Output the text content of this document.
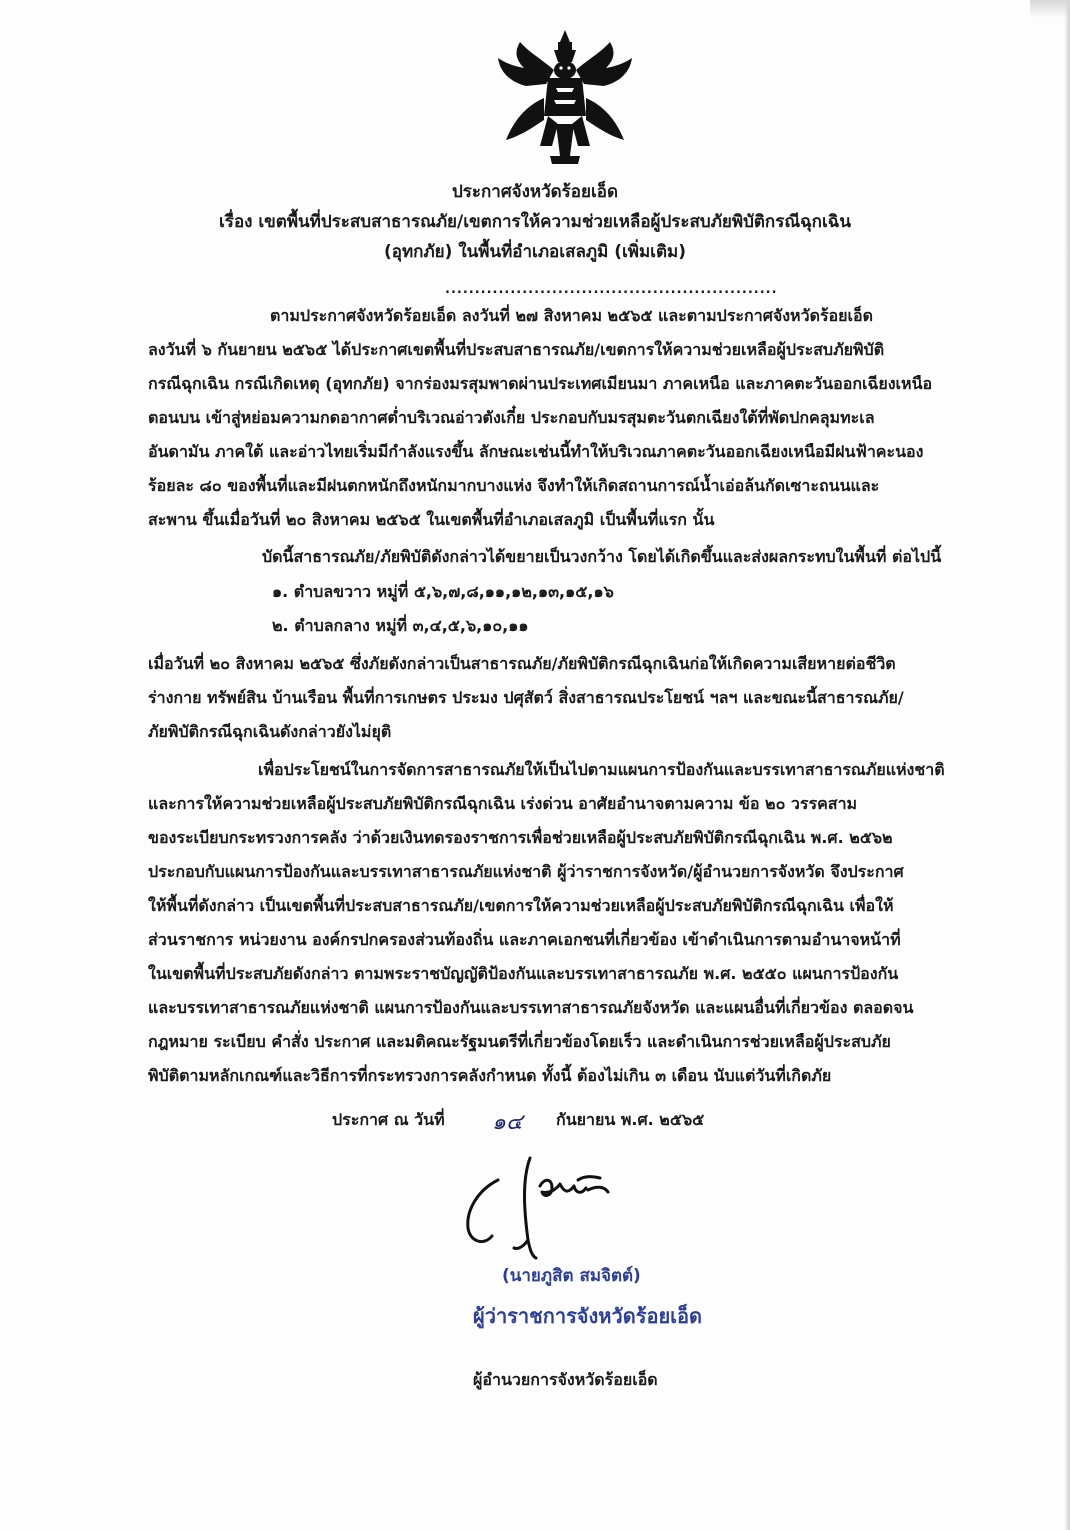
ประกาศจังหวัดร้อยเอ็ด
เรื่อง เขตพื้นที่ประสบสาธารณภัย/เขตการให้ความช่วยเหลือผู้ประสบภัยพิบัติกรณีฉุกเฉิน
(อุทกภัย) ในพื้นที่อำเภอเสลภูมิ (เพิ่มเติม)
........................................................
ตามประกาศจังหวัดร้อยเอ็ด ลงวันที่ ๒๗ สิงหาคม ๒๕๖๕ และตามประกาศจังหวัดร้อยเอ็ด
ลงวันที่ ๖ กันยายน ๒๕๖๕ ได้ประกาศเขตพื้นที่ประสบสาธารณภัย/เขตการให้ความช่วยเหลือผู้ประสบภัยพิบัติ
กรณีฉุกเฉิน กรณีเกิดเหตุ (อุทกภัย) จากร่องมรสุมพาดผ่านประเทศเมียนมา ภาคเหนือ และภาคตะวันออกเฉียงเหนือ
ตอนบน เข้าสู่หย่อมความกดอากาศต่ำบริเวณอ่าวตังเกี๋ย ประกอบกับมรสุมตะวันตกเฉียงใต้ที่พัดปกคลุมทะเล
อันดามัน ภาคใต้ และอ่าวไทยเริ่มมีกำลังแรงขึ้น ลักษณะเช่นนี้ทำให้บริเวณภาคตะวันออกเฉียงเหนือมีฝนฟ้าคะนอง
ร้อยละ ๘๐ ของพื้นที่และมีฝนตกหนักถึงหนักมากบางแห่ง จึงทำให้เกิดสถานการณ์น้ำเอ่อล้นกัดเซาะถนนและ
สะพาน ขึ้นเมื่อวันที่ ๒๐ สิงหาคม ๒๕๖๕ ในเขตพื้นที่อำเภอเสลภูมิ เป็นพื้นที่แรก นั้น
บัดนี้สาธารณภัย/ภัยพิบัติดังกล่าวได้ขยายเป็นวงกว้าง โดยได้เกิดขึ้นและส่งผลกระทบในพื้นที่ ต่อไปนี้
๑. ตำบลขวาว หมู่ที่ ๕,๖,๗,๘,๑๑,๑๒,๑๓,๑๕,๑๖
๒. ตำบลกลาง หมู่ที่ ๓,๔,๕,๖,๑๐,๑๑
เมื่อวันที่ ๒๐ สิงหาคม ๒๕๖๕ ซึ่งภัยดังกล่าวเป็นสาธารณภัย/ภัยพิบัติกรณีฉุกเฉินก่อให้เกิดความเสียหายต่อชีวิต
ร่างกาย ทรัพย์สิน บ้านเรือน พื้นที่การเกษตร ประมง ปศุสัตว์ สิ่งสาธารณประโยชน์ ฯลฯ และขณะนี้สาธารณภัย/
ภัยพิบัติกรณีฉุกเฉินดังกล่าวยังไม่ยุติ
เพื่อประโยชน์ในการจัดการสาธารณภัยให้เป็นไปตามแผนการป้องกันและบรรเทาสาธารณภัยแห่งชาติ
และการให้ความช่วยเหลือผู้ประสบภัยพิบัติกรณีฉุกเฉิน เร่งด่วน อาศัยอำนาจตามความ ข้อ ๒๐ วรรคสาม
ของระเบียบกระทรวงการคลัง ว่าด้วยเงินทดรองราชการเพื่อช่วยเหลือผู้ประสบภัยพิบัติกรณีฉุกเฉิน พ.ศ. ๒๕๖๒
ประกอบกับแผนการป้องกันและบรรเทาสาธารณภัยแห่งชาติ ผู้ว่าราชการจังหวัด/ผู้อำนวยการจังหวัด จึงประกาศ
ให้พื้นที่ดังกล่าว เป็นเขตพื้นที่ประสบสาธารณภัย/เขตการให้ความช่วยเหลือผู้ประสบภัยพิบัติกรณีฉุกเฉิน เพื่อให้
ส่วนราชการ หน่วยงาน องค์กรปกครองส่วนท้องถิ่น และภาคเอกชนที่เกี่ยวข้อง เข้าดำเนินการตามอำนาจหน้าที่
ในเขตพื้นที่ประสบภัยดังกล่าว ตามพระราชบัญญัติป้องกันและบรรเทาสาธารณภัย พ.ศ. ๒๕๕๐ แผนการป้องกัน
และบรรเทาสาธารณภัยแห่งชาติ แผนการป้องกันและบรรเทาสาธารณภัยจังหวัด และแผนอื่นที่เกี่ยวข้อง ตลอดจน
กฎหมาย ระเบียบ คำสั่ง ประกาศ และมติคณะรัฐมนตรีที่เกี่ยวข้องโดยเร็ว และดำเนินการช่วยเหลือผู้ประสบภัย
พิบัติตามหลักเกณฑ์และวิธีการที่กระทรวงการคลังกำหนด ทั้งนี้ ต้องไม่เกิน ๓ เดือน นับแต่วันที่เกิดภัย
ประกาศ ณ วันที่	๑๔	กันยายน พ.ศ. ๒๕๖๕
(นายภูสิต สมจิตต์)
ผู้ว่าราชการจังหวัดร้อยเอ็ด
ผู้อำนวยการจังหวัดร้อยเอ็ด
